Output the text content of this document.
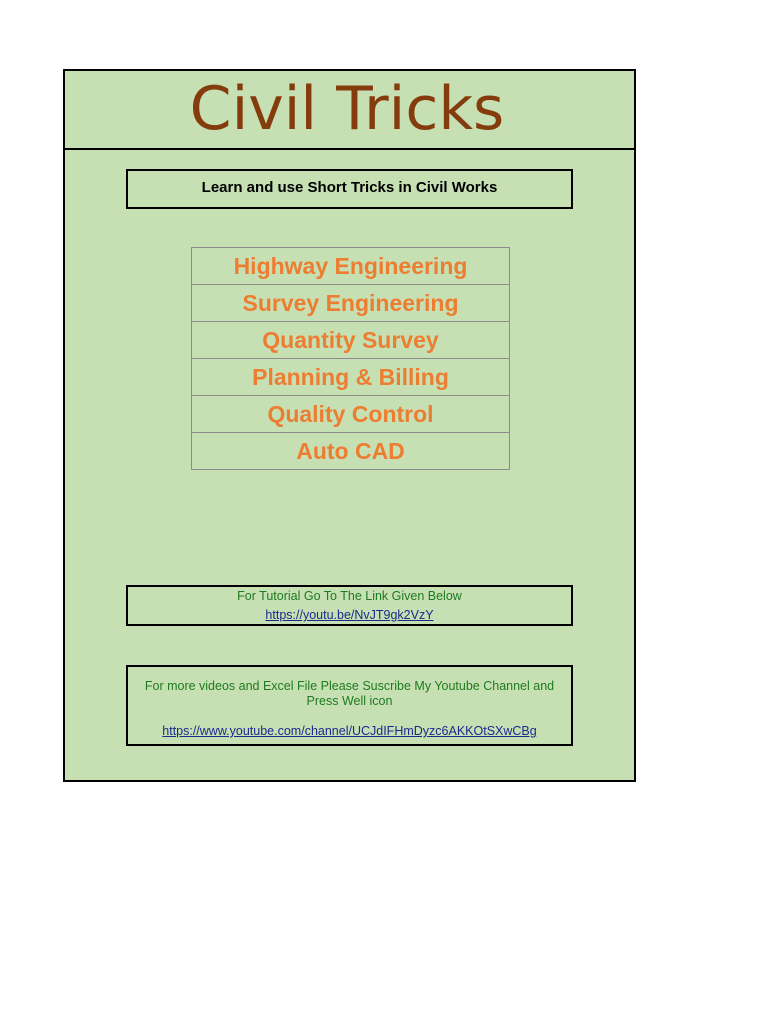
Civil Tricks
Learn and use Short Tricks in Civil Works
Highway Engineering
Survey Engineering
Quantity Survey
Planning & Billing
Quality Control
Auto CAD
For Tutorial Go To The Link Given Below
https://youtu.be/NvJT9gk2VzY
For more videos and Excel File Please Suscribe My Youtube Channel and Press Well icon
https://www.youtube.com/channel/UCJdIFHmDyzc6AKKOtSXwCBg
